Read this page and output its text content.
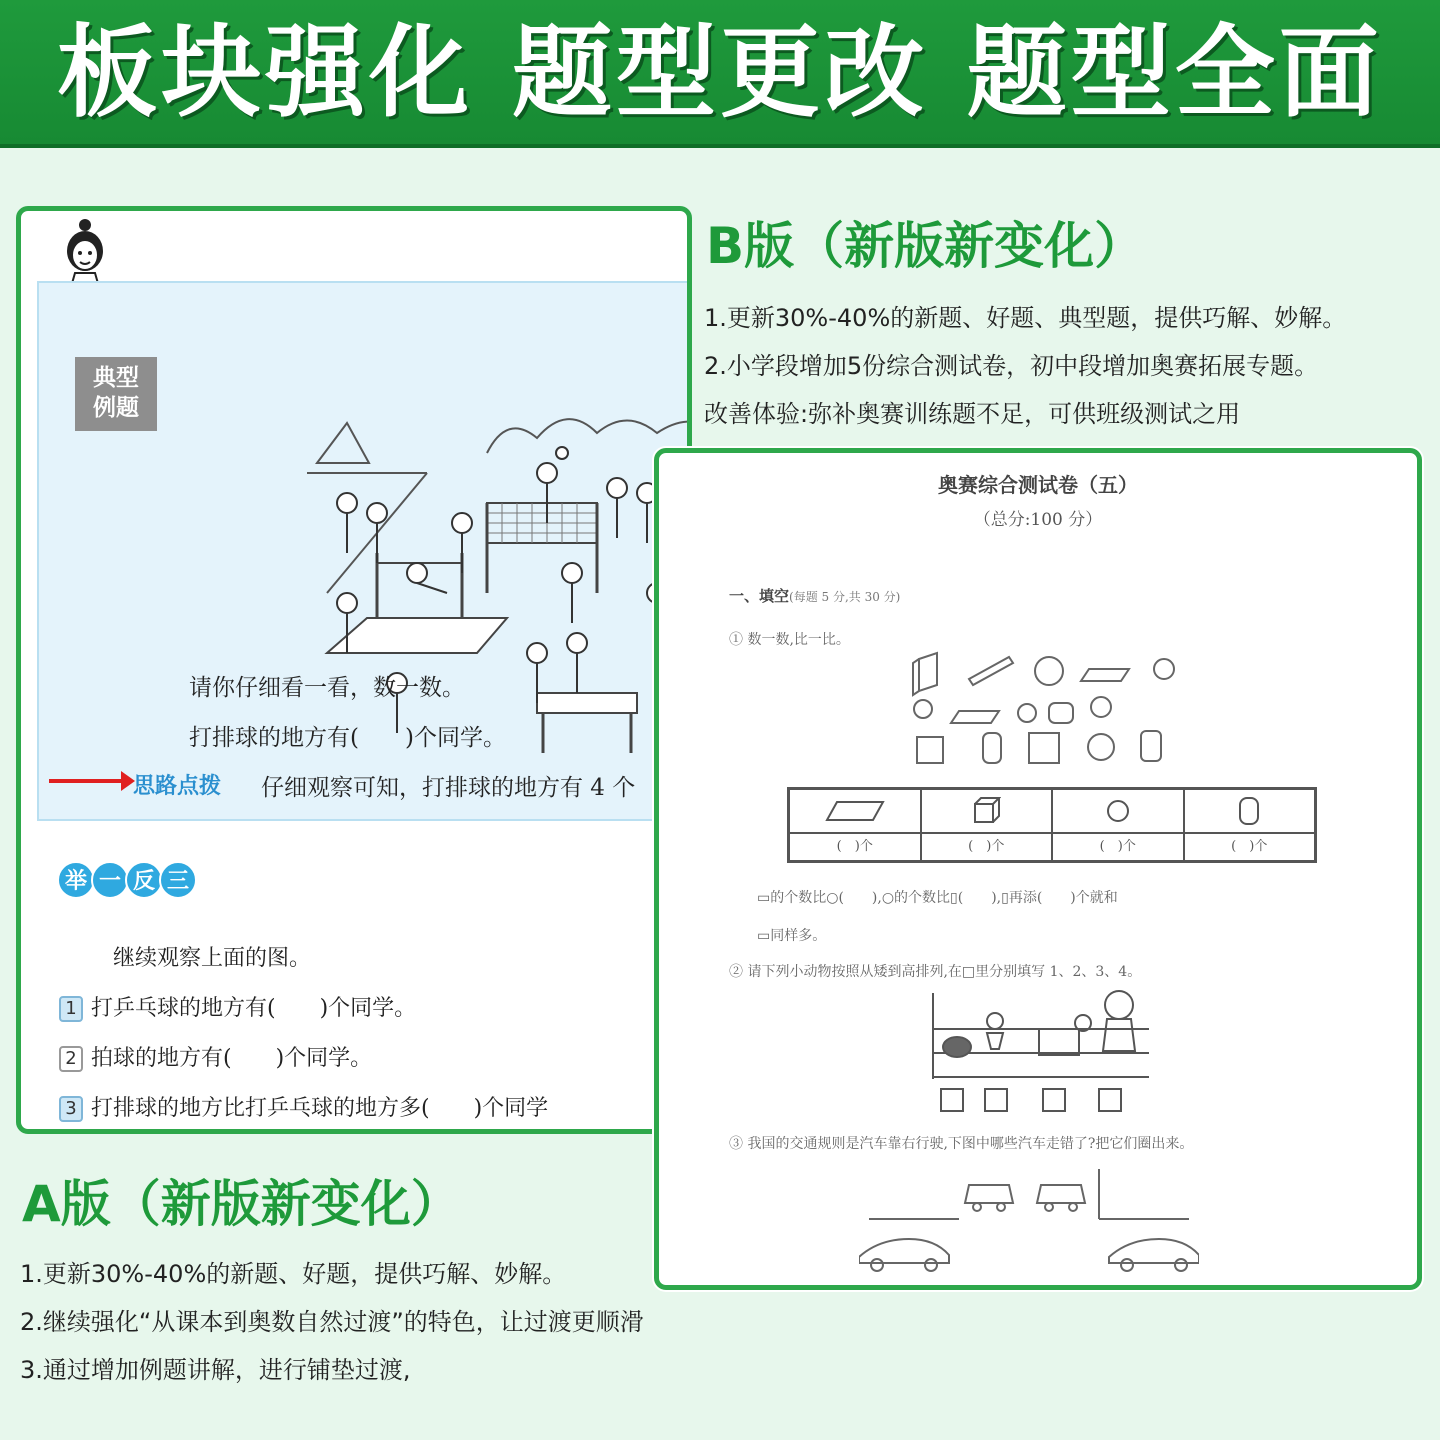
板块强化 题型更改 题型全面
典型
例题
请你仔细看一看，数一数。
打排球的地方有(　　)个同学。
思路点拨 仔细观察可知，打排球的地方有 4 个
举 一 反 三
继续观察上面的图。
1 打乒乓球的地方有(　　)个同学。
2 拍球的地方有(　　)个同学。
3 打排球的地方比打乒乓球的地方多(　　)个同学
B版（新版新变化）
1.更新30%-40%的新题、好题、典型题，提供巧解、妙解。
2.小学段增加5份综合测试卷，初中段增加奥赛拓展专题。
改善体验:弥补奥赛训练题不足，可供班级测试之用
奥赛综合测试卷（五）
（总分:100 分）
一、填空(每题 5 分,共 30 分)
① 数一数,比一比。
(　)个	(　)个	(　)个	(　)个
▭的个数比○(　　),○的个数比▯(　　),▯再添(　　)个就和
▭同样多。
② 请下列小动物按照从矮到高排列,在□里分别填写 1、2、3、4。
③ 我国的交通规则是汽车靠右行驶,下图中哪些汽车走错了?把它们圈出来。
A版（新版新变化）
1.更新30%-40%的新题、好题，提供巧解、妙解。
2.继续强化“从课本到奥数自然过渡”的特色，让过渡更顺滑
3.通过增加例题讲解，进行铺垫过渡,
